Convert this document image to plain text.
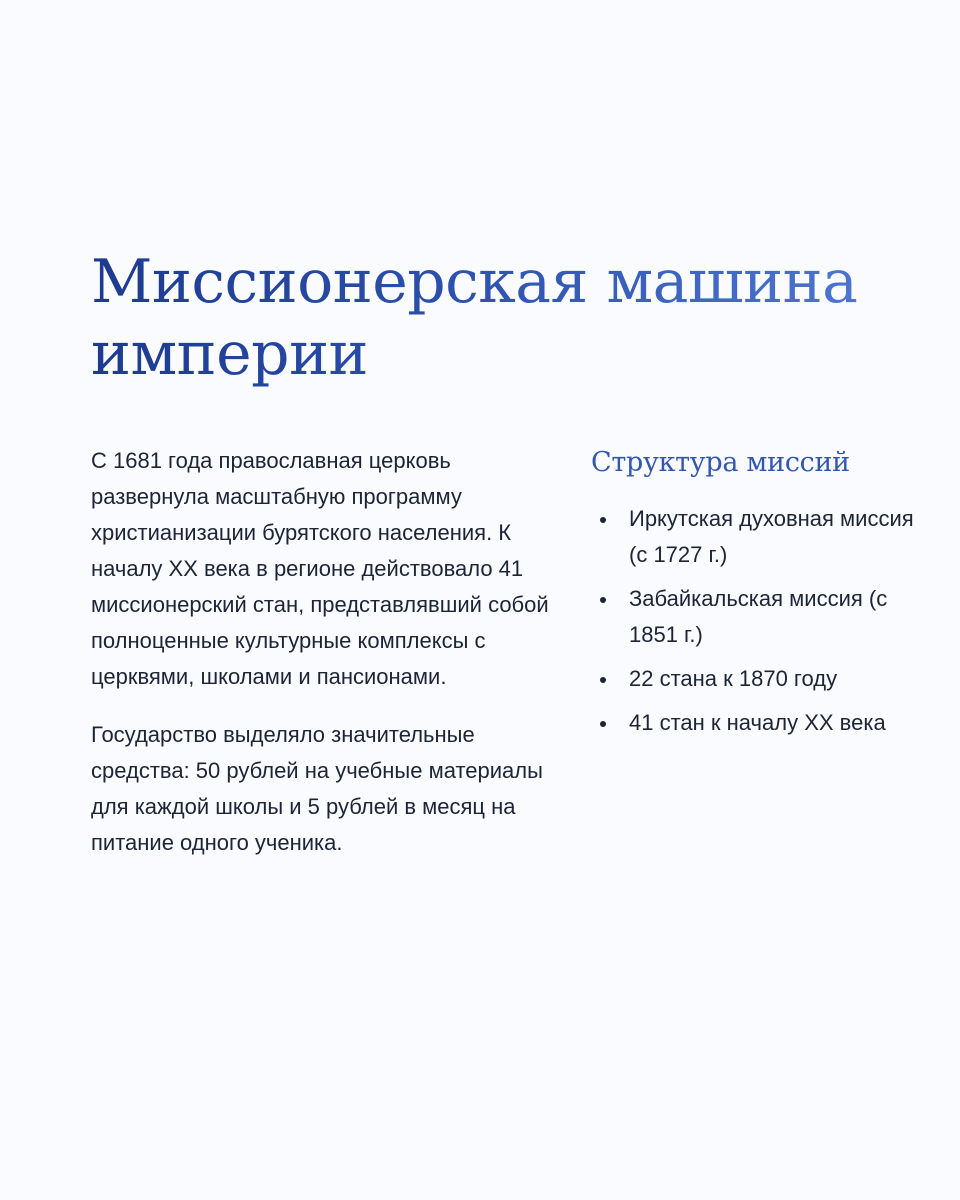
Миссионерская машина империи

С 1681 года православная церковь развернула масштабную программу христианизации бурятского населения. К началу XX века в регионе действовало 41 миссионерский стан, представлявший собой полноценные культурные комплексы с церквями, школами и пансионами.

Государство выделяло значительные средства: 50 рублей на учебные материалы для каждой школы и 5 рублей в месяц на питание одного ученика.

Структура миссий
Иркутская духовная миссия (с 1727 г.)
Забайкальская миссия (с 1851 г.)
22 стана к 1870 году
41 стан к началу XX века
